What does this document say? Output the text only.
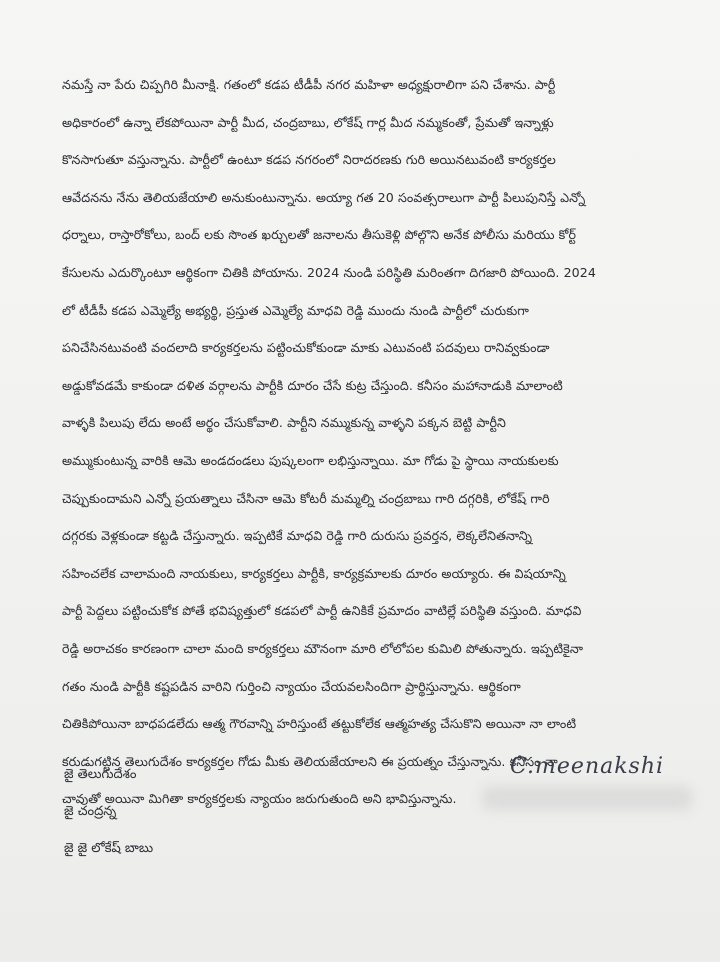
నమస్తే నా పేరు చిప్పగిరి మీనాక్షి. గతంలో కడప టీడీపీ నగర మహిళా అధ్యక్షురాలిగా పని చేశాను. పార్టీ
అధికారంలో ఉన్నా లేకపోయినా పార్టీ మీద, చంద్రబాబు, లోకేష్ గార్ల మీద నమ్మకంతో, ప్రేమతో ఇన్నాళ్లు
కొనసాగుతూ వస్తున్నాను. పార్టీలో ఉంటూ కడప నగరంలో నిరాదరణకు గురి అయినటువంటి కార్యకర్తల
ఆవేదనను నేను తెలియజేయాలి అనుకుంటున్నాను. అయ్యా గత 20 సంవత్సరాలుగా పార్టీ పిలుపునిస్తే ఎన్నో
ధర్నాలు, రాస్తారోకోలు, బంద్ లకు సొంత ఖర్చులతో జనాలను తీసుకెళ్లి పోల్గొని అనేక పోలీసు మరియు కోర్ట్
కేసులను ఎదుర్కొంటూ ఆర్థికంగా చితికి పోయాను. 2024 నుండి పరిస్థితి మరింతగా దిగజారి పోయింది. 2024
లో టీడీపీ కడప ఎమ్మెల్యే అభ్యర్థి, ప్రస్తుత ఎమ్మెల్యే మాధవి రెడ్డి ముందు నుండి పార్టీలో చురుకుగా
పనిచేసినటువంటి వందలాది కార్యకర్తలను పట్టించుకోకుండా మాకు ఎటువంటి పదవులు రానివ్వకుండా
అడ్డుకోవడమే కాకుండా దళిత వర్గాలను పార్టీకి దూరం చేసే కుట్ర చేస్తుంది. కనీసం మహానాడుకి మాలాంటి
వాళ్ళకి పిలుపు లేదు అంటే అర్థం చేసుకోవాలి. పార్టీని నమ్ముకున్న వాళ్ళని పక్కన బెట్టి పార్టీని
అమ్ముకుంటున్న వారికి ఆమె అండదండలు పుష్కలంగా లభిస్తున్నాయి. మా గోడు పై స్థాయి నాయకులకు
చెప్పుకుందామని ఎన్నో ప్రయత్నాలు చేసినా ఆమె కోటరీ మమ్మల్ని చంద్రబాబు గారి దగ్గరికి, లోకేష్ గారి
దగ్గరకు వెళ్లకుండా కట్టడి చేస్తున్నారు. ఇప్పటికే మాధవి రెడ్డి గారి దురుసు ప్రవర్తన, లెక్కలేనితనాన్ని
సహించలేక చాలామంది నాయకులు, కార్యకర్తలు పార్టీకి, కార్యక్రమాలకు దూరం అయ్యారు. ఈ విషయాన్ని
పార్టీ పెద్దలు పట్టించుకోక పోతే భవిష్యత్తులో కడపలో పార్టీ ఉనికికే ప్రమాదం వాటిల్లే పరిస్థితి వస్తుంది. మాధవి
రెడ్డి అరాచకం కారణంగా చాలా మంది కార్యకర్తలు మౌనంగా మారి లోలోపల కుమిలి పోతున్నారు. ఇప్పటికైనా
గతం నుండి పార్టీకి కష్టపడిన వారిని గుర్తించి న్యాయం చేయవలసిందిగా ప్రార్థిస్తున్నాను. ఆర్థికంగా
చితికిపోయినా బాధపడలేదు ఆత్మ గౌరవాన్ని హరిస్తుంటే తట్టుకోలేక ఆత్మహత్య చేసుకొని అయినా నా లాంటి
కరుడుగట్టిన తెలుగుదేశం కార్యకర్తల గోడు మీకు తెలియజేయాలని ఈ ప్రయత్నం చేస్తున్నాను. కనీసం నా
చావుతో అయినా మిగితా కార్యకర్తలకు న్యాయం జరుగుతుంది అని భావిస్తున్నాను.
జై తెలుగుదేశం
జై చంద్రన్న
జై జై లోకేష్ బాబు
C.meenakshi
